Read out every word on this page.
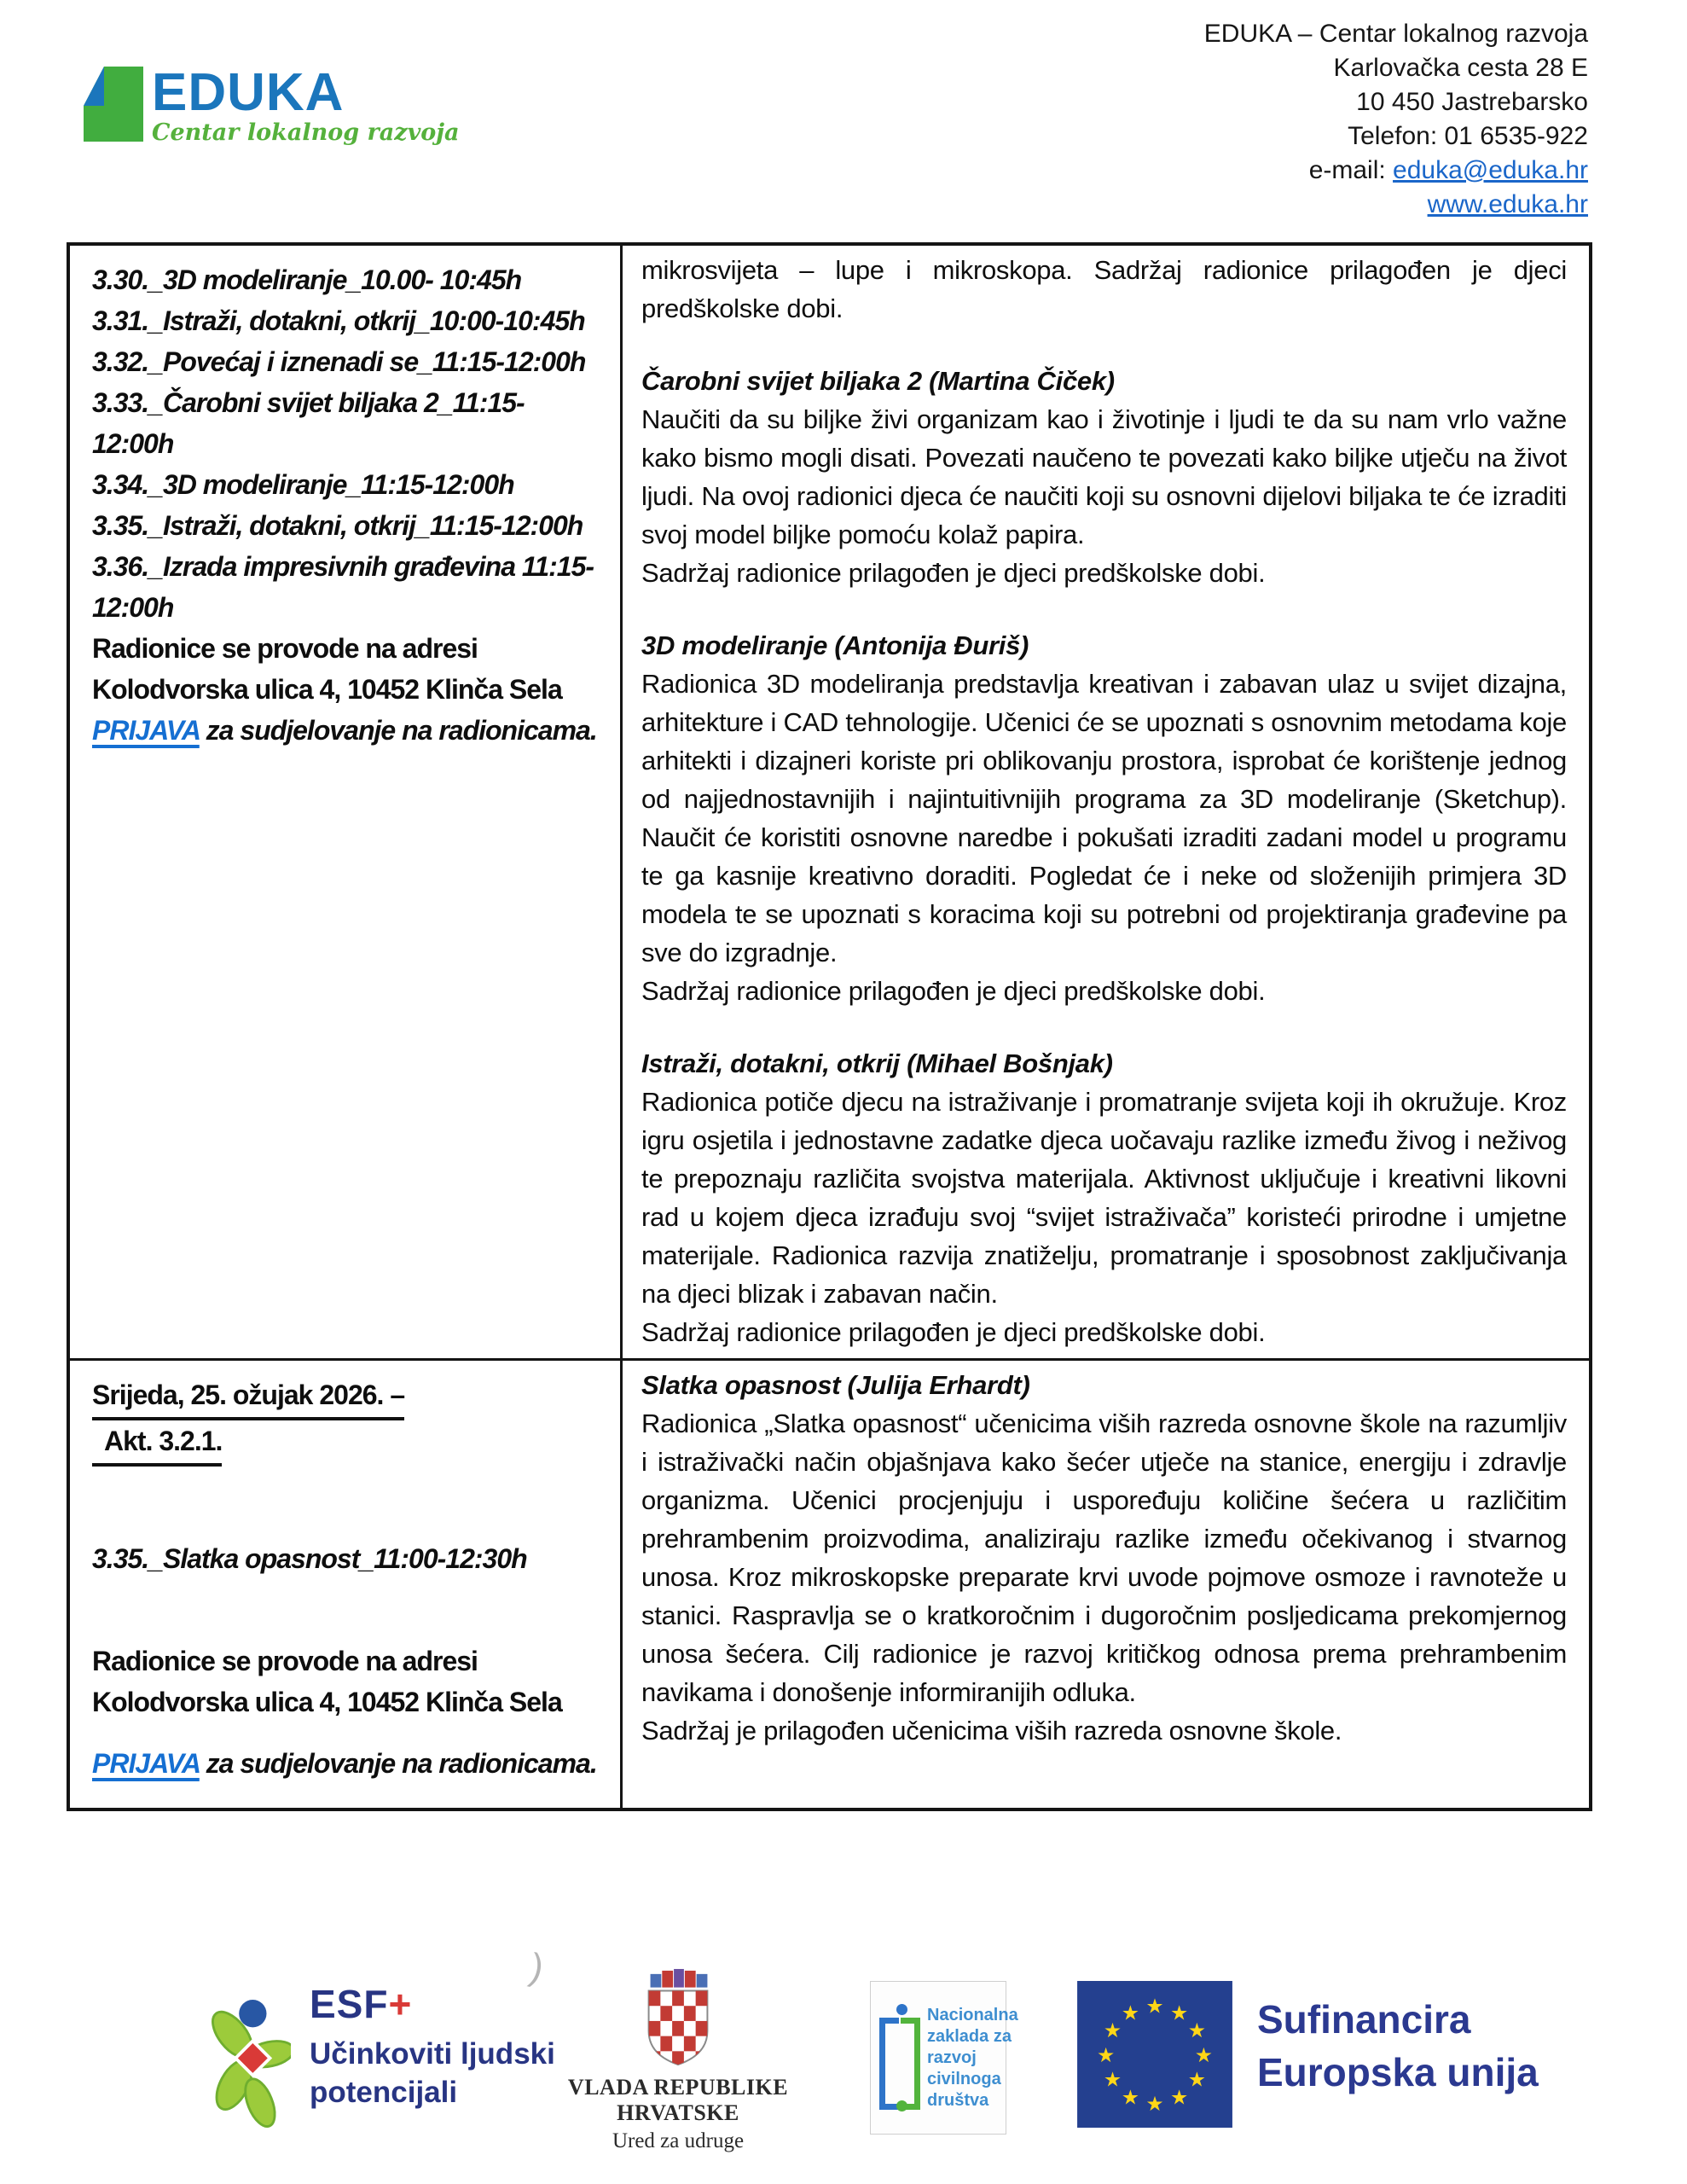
EDUKA
Centar lokalnog razvoja
EDUKA – Centar lokalnog razvoja
Karlovačka cesta 28 E
10 450 Jastrebarsko
Telefon: 01 6535-922
e-mail: eduka@eduka.hr
www.eduka.hr

3.30._3D modeliranje_10.00- 10:45h

3.31._Istraži, dotakni, otkrij_10:00-10:45h

3.32._Povećaj i iznenadi se_11:15-12:00h

3.33._Čarobni svijet biljaka 2_11:15-12:00h

3.34._3D modeliranje_11:15-12:00h

3.35._Istraži, dotakni, otkrij_11:15-12:00h

3.36._Izrada impresivnih građevina 11:15-12:00h

Radionice se provode na adresi
Kolodvorska ulica 4, 10452 Klinča Sela

PRIJAVA za sudjelovanje na radionicama.

mikrosvijeta – lupe i mikroskopa. Sadržaj radionice prilagođen je djeci predškolske dobi.

Čarobni svijet biljaka 2 (Martina Čiček)

Naučiti da su biljke živi organizam kao i životinje i ljudi te da su nam vrlo važne kako bismo mogli disati. Povezati naučeno te povezati kako biljke utječu na život ljudi. Na ovoj radionici djeca će naučiti koji su osnovni dijelovi biljaka te će izraditi svoj model biljke pomoću kolaž papira.

Sadržaj radionice prilagođen je djeci predškolske dobi.

3D modeliranje (Antonija Đuriš)

Radionica 3D modeliranja predstavlja kreativan i zabavan ulaz u svijet dizajna, arhitekture i CAD tehnologije. Učenici će se upoznati s osnovnim metodama koje arhitekti i dizajneri koriste pri oblikovanju prostora, isprobat će korištenje jednog od najjednostavnijih i najintuitivnijih programa za 3D modeliranje (Sketchup). Naučit će koristiti osnovne naredbe i pokušati izraditi zadani model u programu te ga kasnije kreativno doraditi. Pogledat će i neke od složenijih primjera 3D modela te se upoznati s koracima koji su potrebni od projektiranja građevine pa sve do izgradnje.

Sadržaj radionice prilagođen je djeci predškolske dobi.

Istraži, dotakni, otkrij (Mihael Bošnjak)

Radionica potiče djecu na istraživanje i promatranje svijeta koji ih okružuje. Kroz igru osjetila i jednostavne zadatke djeca uočavaju razlike između živog i neživog te prepoznaju različita svojstva materijala. Aktivnost uključuje i kreativni likovni rad u kojem djeca izrađuju svoj “svijet istraživača” koristeći prirodne i umjetne materijale. Radionica razvija znatiželju, promatranje i sposobnost zaključivanja na djeci blizak i zabavan način.

Sadržaj radionice prilagođen je djeci predškolske dobi.

Srijeda, 25. ožujak 2026. –
Akt. 3.2.1.

3.35._Slatka opasnost_11:00-12:30h

Radionice se provode na adresi
Kolodvorska ulica 4, 10452 Klinča Sela

PRIJAVA za sudjelovanje na radionicama.

Slatka opasnost (Julija Erhardt)

Radionica „Slatka opasnost“ učenicima viših razreda osnovne škole na razumljiv i istraživački način objašnjava kako šećer utječe na stanice, energiju i zdravlje organizma. Učenici procjenjuju i uspoređuju količine šećera u različitim prehrambenim proizvodima, analiziraju razlike između očekivanog i stvarnog unosa. Kroz mikroskopske preparate krvi uvode pojmove osmoze i ravnoteže u stanici. Raspravlja se o kratkoročnim i dugoročnim posljedicama prekomjernog unosa šećera. Cilj radionice je razvoj kritičkog odnosa prema prehrambenim navikama i donošenje informiranijih odluka.

Sadržaj je prilagođen učenicima viših razreda osnovne škole.

ESF+
Učinkoviti ljudski
potencijali
)
VLADA REPUBLIKE HRVATSKE
Ured za udruge
Nacionalna
zaklada za
razvoj
civilnoga
društva
★ ★
★
★
★
★
★
★
★
★
★
★	Sufinancira
Europska unija
